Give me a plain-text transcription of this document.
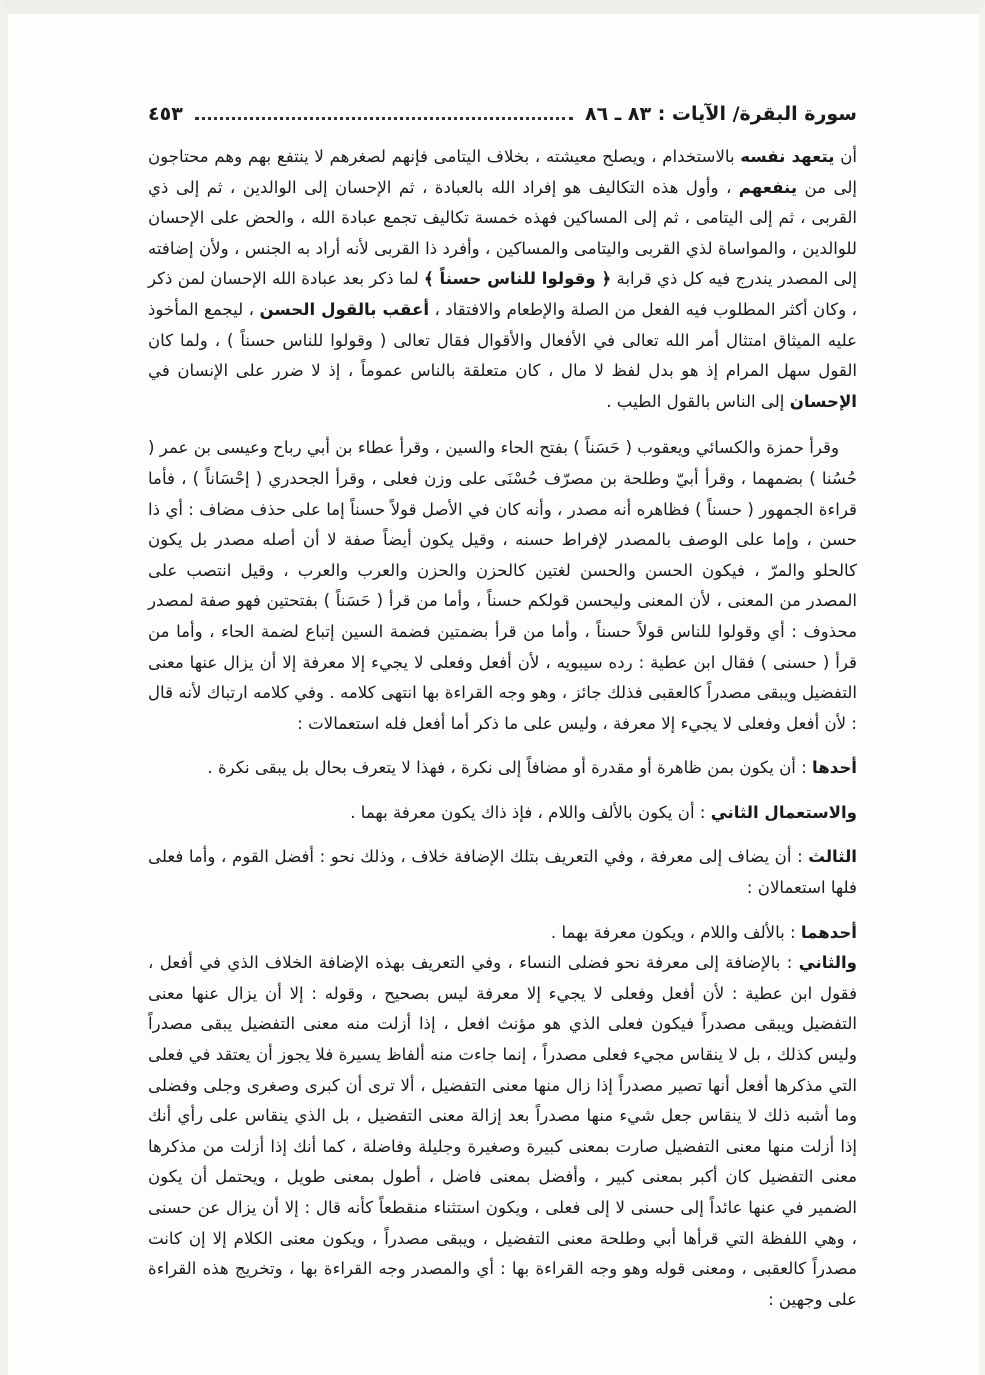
سورة البقرة/ الآيات : ٨٣ ـ ٨٦
٤٥٣

أن يتعهد نفسه بالاستخدام ، ويصلح معيشته ، بخلاف اليتامى فإنهم لصغرهم لا ينتفع بهم وهم محتاجون إلى من ينفعهم ، وأول هذه التكاليف هو إفراد الله بالعبادة ، ثم الإحسان إلى الوالدين ، ثم إلى ذي القربى ، ثم إلى اليتامى ، ثم إلى المساكين فهذه خمسة تكاليف تجمع عبادة الله ، والحض على الإحسان للوالدين ، والمواساة لذي القربى واليتامى والمساكين ، وأفرد ذا القربى لأنه أراد به الجنس ، ولأن إضافته إلى المصدر يندرج فيه كل ذي قرابة ﴿ وقولوا للناس حسناً ﴾ لما ذكر بعد عبادة الله الإحسان لمن ذكر ، وكان أكثر المطلوب فيه الفعل من الصلة والإطعام والافتقاد ، أعقب بالقول الحسن ، ليجمع المأخوذ عليه الميثاق امتثال أمر الله تعالى في الأفعال والأقوال فقال تعالى ( وقولوا للناس حسناً ) ، ولما كان القول سهل المرام إذ هو بدل لفظ لا مال ، كان متعلقة بالناس عموماً ، إذ لا ضرر على الإنسان في الإحسان إلى الناس بالقول الطيب .

وقرأ حمزة والكسائي ويعقوب ( حَسَناً ) بفتح الحاء والسين ، وقرأ عطاء بن أبي رباح وعيسى بن عمر ( حُسُنا ) بضمهما ، وقرأ أبيّ وطلحة بن مصرّف حُسْنَى على وزن فعلى ، وقرأ الجحدري ( إحْسَاناً ) ، فأما قراءة الجمهور ( حسناً ) فظاهره أنه مصدر ، وأنه كان في الأصل قولاً حسناً إما على حذف مضاف : أي ذا حسن ، وإما على الوصف بالمصدر لإفراط حسنه ، وقيل يكون أيضاً صفة لا أن أصله مصدر بل يكون كالحلو والمرّ ، فيكون الحسن والحسن لغتين كالحزن والحزن والعرب والعرب ، وقيل انتصب على المصدر من المعنى ، لأن المعنى وليحسن قولكم حسناً ، وأما من قرأ ( حَسَناً ) بفتحتين فهو صفة لمصدر محذوف : أي وقولوا للناس قولاً حسناً ، وأما من قرأ بضمتين فضمة السين إتباع لضمة الحاء ، وأما من قرأ ( حسنى ) فقال ابن عطية : رده سيبويه ، لأن أفعل وفعلى لا يجيء إلا معرفة إلا أن يزال عنها معنى التفضيل ويبقى مصدراً كالعقبى فذلك جائز ، وهو وجه القراءة بها انتهى كلامه . وفي كلامه ارتباك لأنه قال : لأن أفعل وفعلى لا يجيء إلا معرفة ، وليس على ما ذكر أما أفعل فله استعمالات :

أحدها : أن يكون بمن ظاهرة أو مقدرة أو مضافاً إلى نكرة ، فهذا لا يتعرف بحال بل يبقى نكرة .

والاستعمال الثاني : أن يكون بالألف واللام ، فإذ ذاك يكون معرفة بهما .

الثالث : أن يضاف إلى معرفة ، وفي التعريف بتلك الإضافة خلاف ، وذلك نحو : أفضل القوم ، وأما فعلى فلها استعمالان :

أحدهما : بالألف واللام ، ويكون معرفة بهما .

والثاني : بالإضافة إلى معرفة نحو فضلى النساء ، وفي التعريف بهذه الإضافة الخلاف الذي في أفعل ، فقول ابن عطية : لأن أفعل وفعلى لا يجيء إلا معرفة ليس بصحيح ، وقوله : إلا أن يزال عنها معنى التفضيل ويبقى مصدراً فيكون فعلى الذي هو مؤنث افعل ، إذا أزلت منه معنى التفضيل يبقى مصدراً وليس كذلك ، بل لا ينقاس مجيء فعلى مصدراً ، إنما جاءت منه ألفاظ يسيرة فلا يجوز أن يعتقد في فعلى التي مذكرها أفعل أنها تصير مصدراً إذا زال منها معنى التفضيل ، ألا ترى أن كبرى وصغرى وجلى وفضلى وما أشبه ذلك لا ينقاس جعل شيء منها مصدراً بعد إزالة معنى التفضيل ، بل الذي ينقاس على رأي أنك إذا أزلت منها معنى التفضيل صارت بمعنى كبيرة وصغيرة وجليلة وفاضلة ، كما أنك إذا أزلت من مذكرها معنى التفضيل كان أكبر بمعنى كبير ، وأفضل بمعنى فاضل ، أطول بمعنى طويل ، ويحتمل أن يكون الضمير في عنها عائداً إلى حسنى لا إلى فعلى ، ويكون استثناء منقطعاً كأنه قال : إلا أن يزال عن حسنى ، وهي اللفظة التي قرأها أبي وطلحة معنى التفضيل ، ويبقى مصدراً ، ويكون معنى الكلام إلا إن كانت مصدراً كالعقبى ، ومعنى قوله وهو وجه القراءة بها : أي والمصدر وجه القراءة بها ، وتخريج هذه القراءة على وجهين :
